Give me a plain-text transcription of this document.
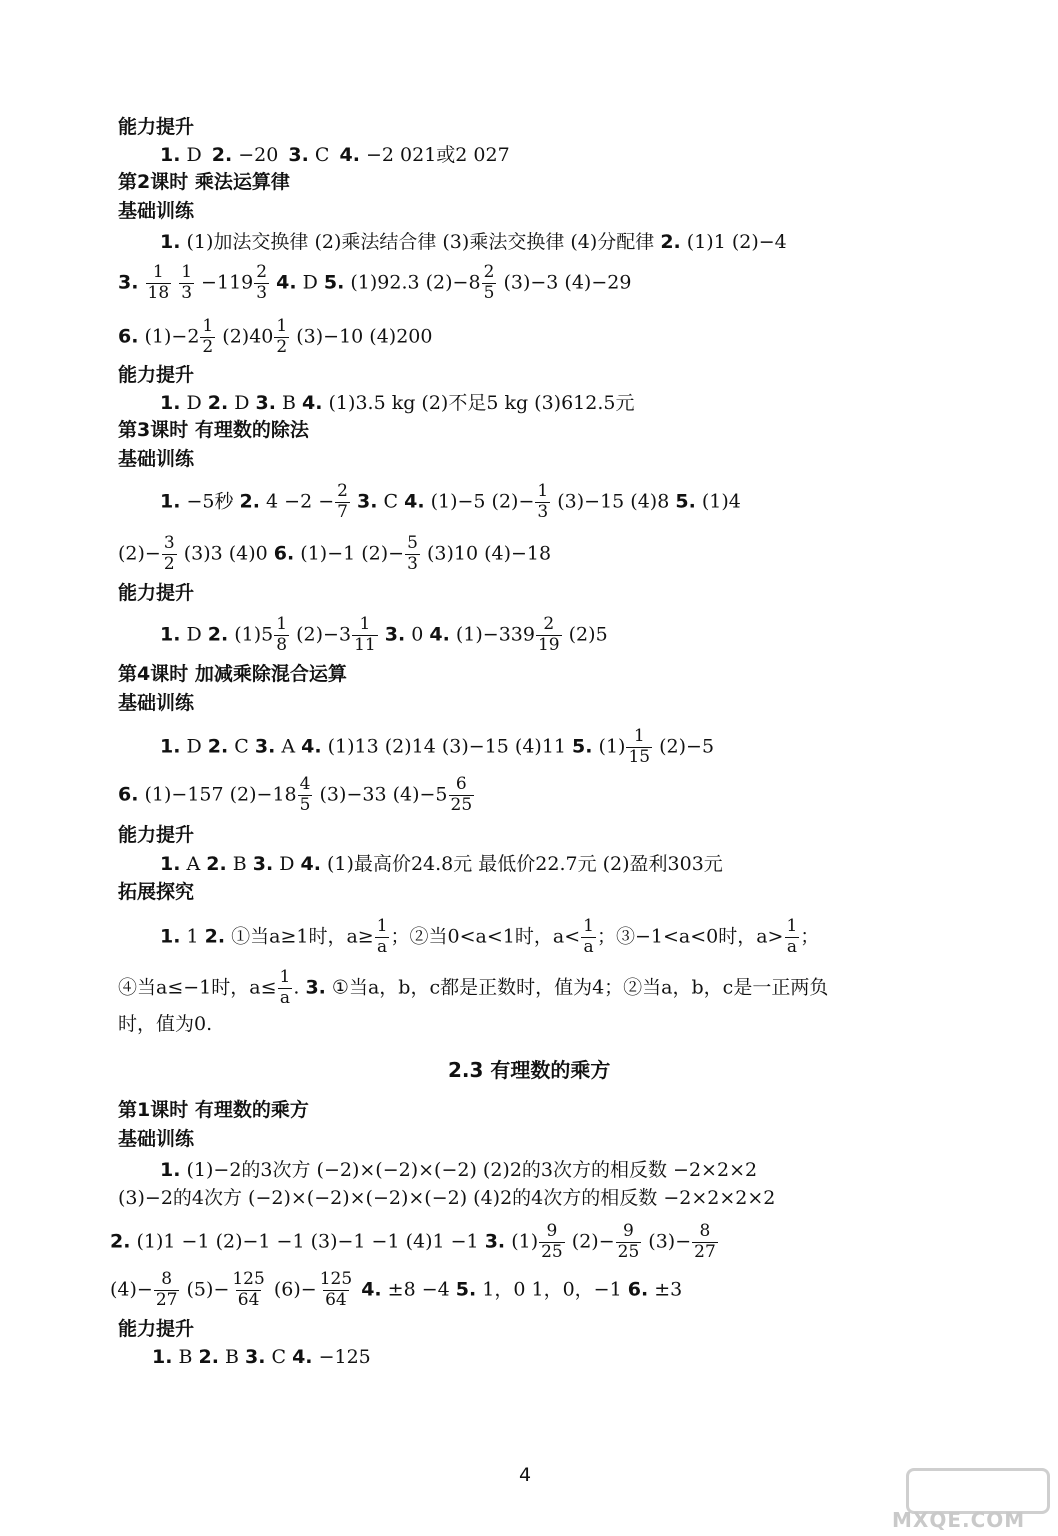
能力提升
1. D 2. −20 3. C 4. −2 021或2 027
第2课时 乘法运算律
基础训练
1. (1)加法交换律 (2)乘法结合律 (3)乘法交换律 (4)分配律 2. (1)1 (2)−4
3. $\frac{1}{18}$
$\frac{1}{3} -119 \frac{2}{3} 4$. D 5. (1)92.3 $(2)-8 \frac{2}{5} (3)-3$ (4)−29
6. $(1)-2 \frac{1}{2} (2)40 \frac{1}{2} (3)-10$ (4)200
能力提升
1. D 2. D 3. B 4. (1)3.5 kg (2)不足5 kg (3)612.5元
第3课时 有理数的除法
基础训练
1. −5秒 2. $4 -2 - \frac{2}{7} 3$. C 4. (1)−5 $(2)- \frac{1}{3} (3)-15$ (4)8 5. (1)4
$(2)- \frac{3}{2} (3)3$ (4)0 6. (1)−1 $(2)- \frac{5}{3} (3)10$ (4)−18
能力提升
1. D 2. $(1)5 \frac{1}{8} (2)-3 \frac{1}{11} 3$. 0 4. $(1)-339 \frac{2}{19} (2)5$
第4课时 加减乘除混合运算
基础训练
1. D 2. C 3. A 4. (1)13 (2)14 (3)−15 (4)11 5. $(1) \frac{1}{15} (2)-5$
6. (1)−157 $(2)-18 \frac{4}{5} (3)-33$ $(4)-5 \frac{6}{25}$
能力提升
1. A 2. B 3. D 4. (1)最高价24.8元 最低价22.7元 (2)盈利303元
拓展探究
1. 1 2. ①当a≥1时，$a\ge \frac{1}{a}$ ；②当0<a<1时，$a< \frac{1}{a}$ ；③−1<a<0时，$a> \frac{1}{a}$ ；
④当a≤−1时，$a\le \frac{1}{a}$ . 3. ①当a，b，c都是正数时，值为4；②当a，b，c是一正两负
时，值为0.
2.3 有理数的乘方
第1课时 有理数的乘方
基础训练
1. (1)−2的3次方 (−2)×(−2)×(−2) (2)2的3次方的相反数 −2×2×2
(3)−2的4次方 (−2)×(−2)×(−2)×(−2) (4)2的4次方的相反数 −2×2×2×2
2. (1)1 −1 (2)−1 −1 (3)−1 −1 (4)1 −1 3. $(1) \frac{9}{25} (2)- \frac{9}{25} (3)- \frac{8}{27}$
$(4)- \frac{8}{27} (5)- \frac{125}{64} (6)- \frac{125}{64} 4$. ±8 −4 5. 1，0 1，0，−1 6. ±3
能力提升
1. B 2. B 3. C 4. −125
4
MXQE.COM
